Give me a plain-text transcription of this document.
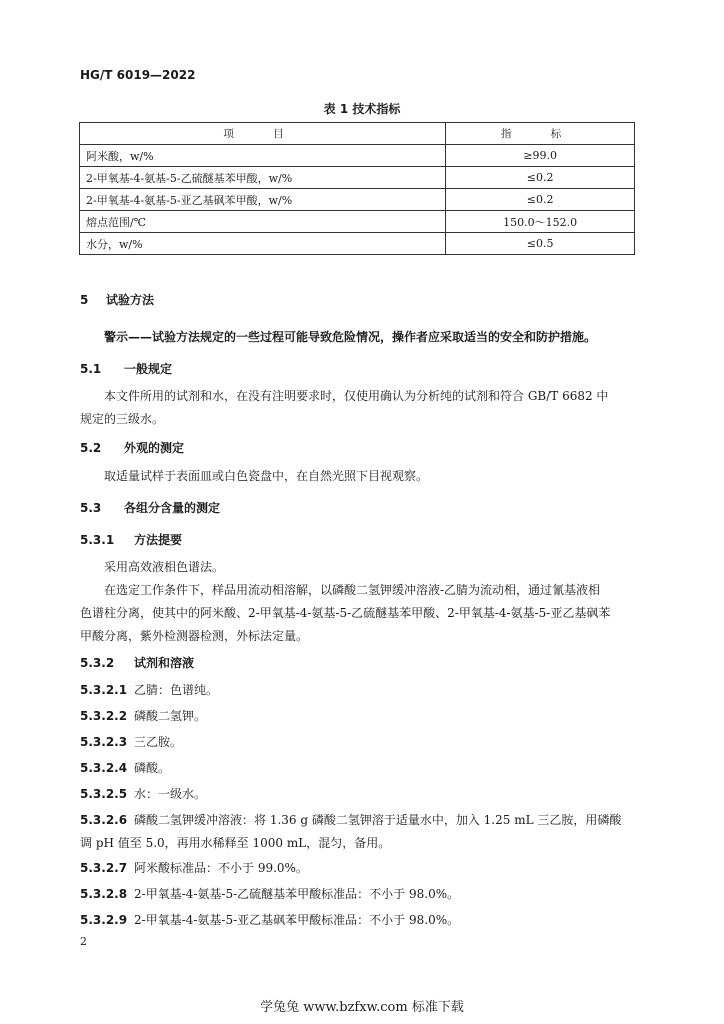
HG/T 6019—2022
表 1 技术指标
项 目	指 标
阿米酸，w/%	≥99.0
2-甲氧基-4-氨基-5-乙硫醚基苯甲酸，w/%	≤0.2
2-甲氧基-4-氨基-5-亚乙基砜苯甲酸，w/%	≤0.2
熔点范围/℃	150.0～152.0
水分，w/%	≤0.5
5 试验方法
警示——试验方法规定的一些过程可能导致危险情况，操作者应采取适当的安全和防护措施。
5.1 一般规定

本文件所用的试剂和水，在没有注明要求时，仅使用确认为分析纯的试剂和符合 GB/T 6682 中

规定的三级水。

5.2 外观的测定

取适量试样于表面皿或白色瓷盘中，在自然光照下目视观察。

5.3 各组分含量的测定
5.3.1 方法提要

采用高效液相色谱法。

在选定工作条件下，样品用流动相溶解，以磷酸二氢钾缓冲溶液-乙腈为流动相，通过氰基液相

色谱柱分离，使其中的阿米酸、2-甲氧基-4-氨基-5-乙硫醚基苯甲酸、2-甲氧基-4-氨基-5-亚乙基砜苯

甲酸分离，紫外检测器检测，外标法定量。

5.3.2 试剂和溶液
5.3.2.1 乙腈：色谱纯。
5.3.2.2 磷酸二氢钾。
5.3.2.3 三乙胺。
5.3.2.4 磷酸。
5.3.2.5 水：一级水。

5.3.2.6 磷酸二氢钾缓冲溶液：将 1.36 g 磷酸二氢钾溶于适量水中，加入 1.25 mL 三乙胺，用磷酸

调 pH 值至 5.0，再用水稀释至 1000 mL，混匀，备用。

5.3.2.7 阿米酸标准品：不小于 99.0%。
5.3.2.8 2-甲氧基-4-氨基-5-乙硫醚基苯甲酸标准品：不小于 98.0%。
5.3.2.9 2-甲氧基-4-氨基-5-亚乙基砜苯甲酸标准品：不小于 98.0%。
2
学兔兔 www.bzfxw.com 标准下载
